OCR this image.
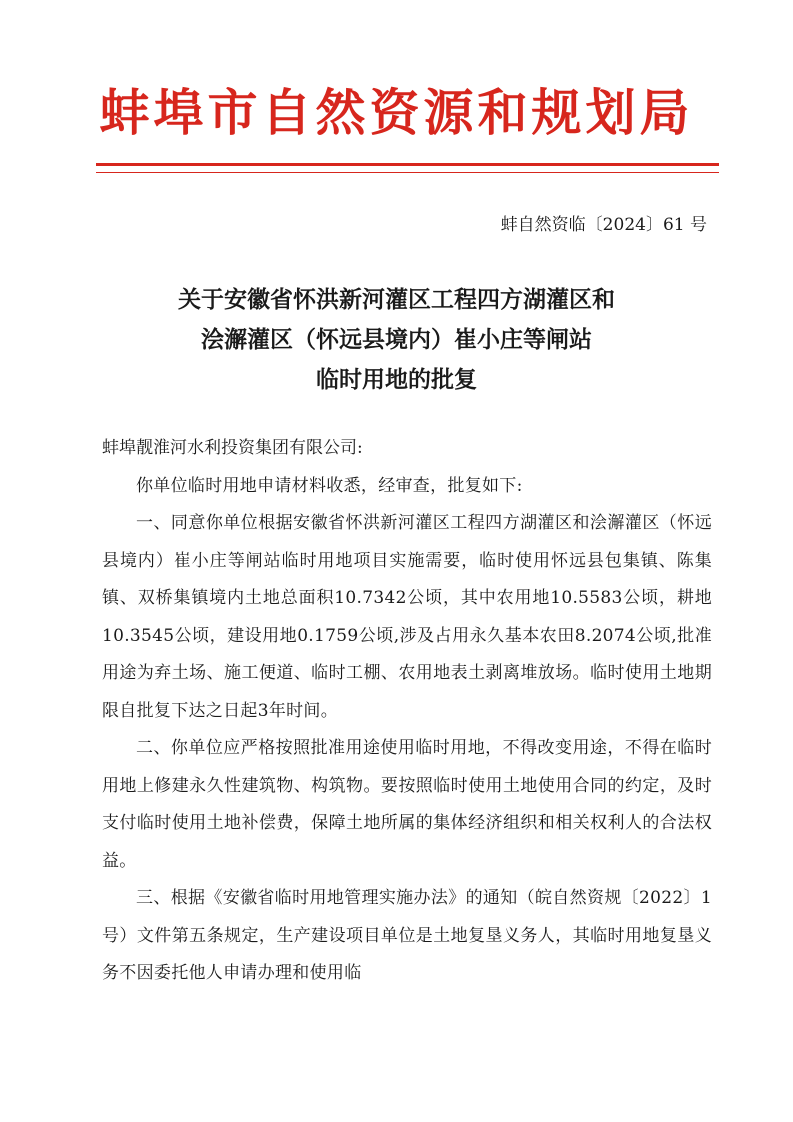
蚌埠市自然资源和规划局
蚌自然资临〔2024〕61 号
关于安徽省怀洪新河灌区工程四方湖灌区和
浍澥灌区（怀远县境内）崔小庄等闸站
临时用地的批复

蚌埠靓淮河水利投资集团有限公司:

你单位临时用地申请材料收悉，经审查，批复如下:

一、同意你单位根据安徽省怀洪新河灌区工程四方湖灌区和浍澥灌区（怀远县境内）崔小庄等闸站临时用地项目实施需要，临时使用怀远县包集镇、陈集镇、双桥集镇境内土地总面积10.7342公顷，其中农用地10.5583公顷，耕地10.3545公顷，建设用地0.1759公顷,涉及占用永久基本农田8.2074公顷,批准用途为弃土场、施工便道、临时工棚、农用地表土剥离堆放场。临时使用土地期限自批复下达之日起3年时间。

二、你单位应严格按照批准用途使用临时用地，不得改变用途，不得在临时用地上修建永久性建筑物、构筑物。要按照临时使用土地使用合同的约定，及时支付临时使用土地补偿费，保障土地所属的集体经济组织和相关权利人的合法权益。

三、根据《安徽省临时用地管理实施办法》的通知（皖自然资规〔2022〕1号）文件第五条规定，生产建设项目单位是土地复垦义务人，其临时用地复垦义务不因委托他人申请办理和使用临
